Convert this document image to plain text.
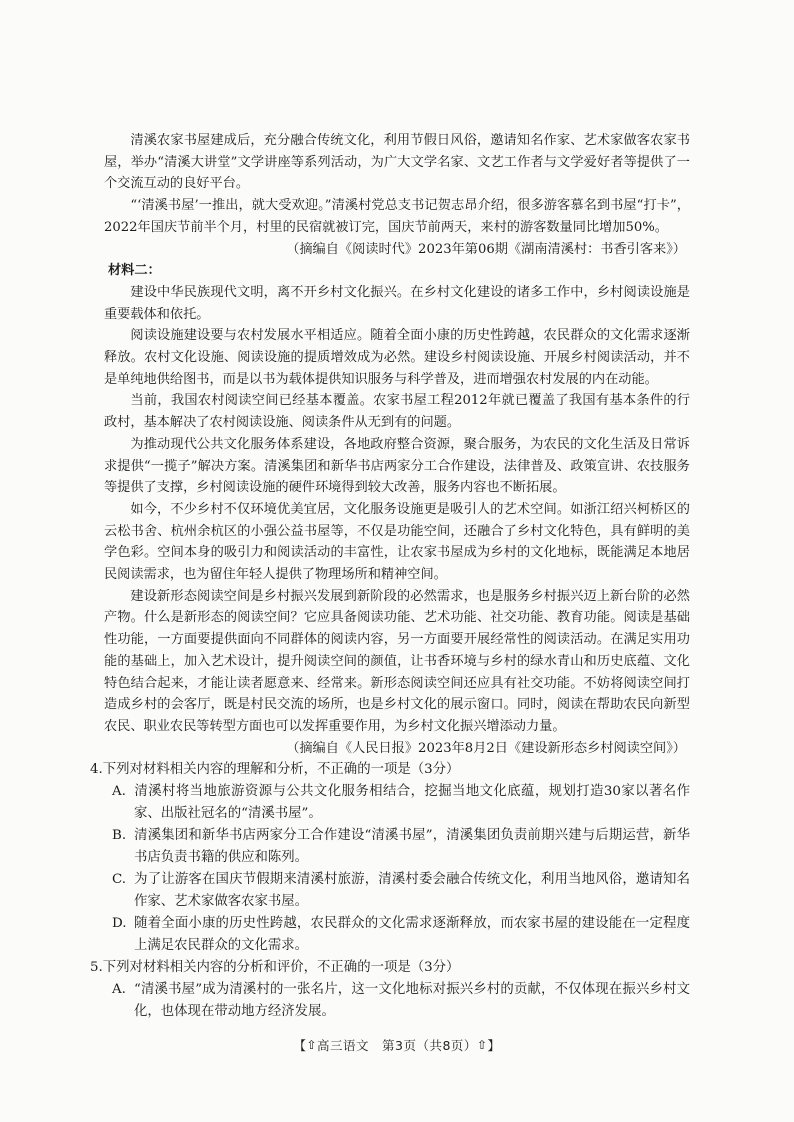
清溪农家书屋建成后，充分融合传统文化，利用节假日风俗，邀请知名作家、艺术家做客农家书屋，举办“清溪大讲堂”文学讲座等系列活动，为广大文学名家、文艺工作者与文学爱好者等提供了一个交流互动的良好平台。

“‘清溪书屋’一推出，就大受欢迎。”清溪村党总支书记贺志昂介绍，很多游客慕名到书屋“打卡”，2022年国庆节前半个月，村里的民宿就被订完，国庆节前两天，来村的游客数量同比增加50%。

（摘编自《阅读时代》2023年第06期《湖南清溪村：书香引客来》）

材料二：

建设中华民族现代文明，离不开乡村文化振兴。在乡村文化建设的诸多工作中，乡村阅读设施是重要载体和依托。

阅读设施建设要与农村发展水平相适应。随着全面小康的历史性跨越，农民群众的文化需求逐渐释放。农村文化设施、阅读设施的提质增效成为必然。建设乡村阅读设施、开展乡村阅读活动，并不是单纯地供给图书，而是以书为载体提供知识服务与科学普及，进而增强农村发展的内在动能。

当前，我国农村阅读空间已经基本覆盖。农家书屋工程2012年就已覆盖了我国有基本条件的行政村，基本解决了农村阅读设施、阅读条件从无到有的问题。

为推动现代公共文化服务体系建设，各地政府整合资源，聚合服务，为农民的文化生活及日常诉求提供“一揽子”解决方案。清溪集团和新华书店两家分工合作建设，法律普及、政策宣讲、农技服务等提供了支撑，乡村阅读设施的硬件环境得到较大改善，服务内容也不断拓展。

如今，不少乡村不仅环境优美宜居，文化服务设施更是吸引人的艺术空间。如浙江绍兴柯桥区的云松书舍、杭州余杭区的小强公益书屋等，不仅是功能空间，还融合了乡村文化特色，具有鲜明的美学色彩。空间本身的吸引力和阅读活动的丰富性，让农家书屋成为乡村的文化地标，既能满足本地居民阅读需求，也为留住年轻人提供了物理场所和精神空间。

建设新形态阅读空间是乡村振兴发展到新阶段的必然需求，也是服务乡村振兴迈上新台阶的必然产物。什么是新形态的阅读空间？它应具备阅读功能、艺术功能、社交功能、教育功能。阅读是基础性功能，一方面要提供面向不同群体的阅读内容，另一方面要开展经常性的阅读活动。在满足实用功能的基础上，加入艺术设计，提升阅读空间的颜值，让书香环境与乡村的绿水青山和历史底蕴、文化特色结合起来，才能让读者愿意来、经常来。新形态阅读空间还应具有社交功能。不妨将阅读空间打造成乡村的会客厅，既是村民交流的场所，也是乡村文化的展示窗口。同时，阅读在帮助农民向新型农民、职业农民等转型方面也可以发挥重要作用，为乡村文化振兴增添动力量。

（摘编自《人民日报》2023年8月2日《建设新形态乡村阅读空间》）

4.下列对材料相关内容的理解和分析，不正确的一项是（3分）

A. 清溪村将当地旅游资源与公共文化服务相结合，挖掘当地文化底蕴，规划打造30家以著名作家、出版社冠名的“清溪书屋”。

B. 清溪集团和新华书店两家分工合作建设“清溪书屋”，清溪集团负责前期兴建与后期运营，新华书店负责书籍的供应和陈列。

C. 为了让游客在国庆节假期来清溪村旅游，清溪村委会融合传统文化，利用当地风俗，邀请知名作家、艺术家做客农家书屋。

D. 随着全面小康的历史性跨越，农民群众的文化需求逐渐释放，而农家书屋的建设能在一定程度上满足农民群众的文化需求。

5.下列对材料相关内容的分析和评价，不正确的一项是（3分）

A. “清溪书屋”成为清溪村的一张名片，这一文化地标对振兴乡村的贡献，不仅体现在振兴乡村文化，也体现在带动地方经济发展。

【⇧高三语文　第3页（共8页）⇧】
